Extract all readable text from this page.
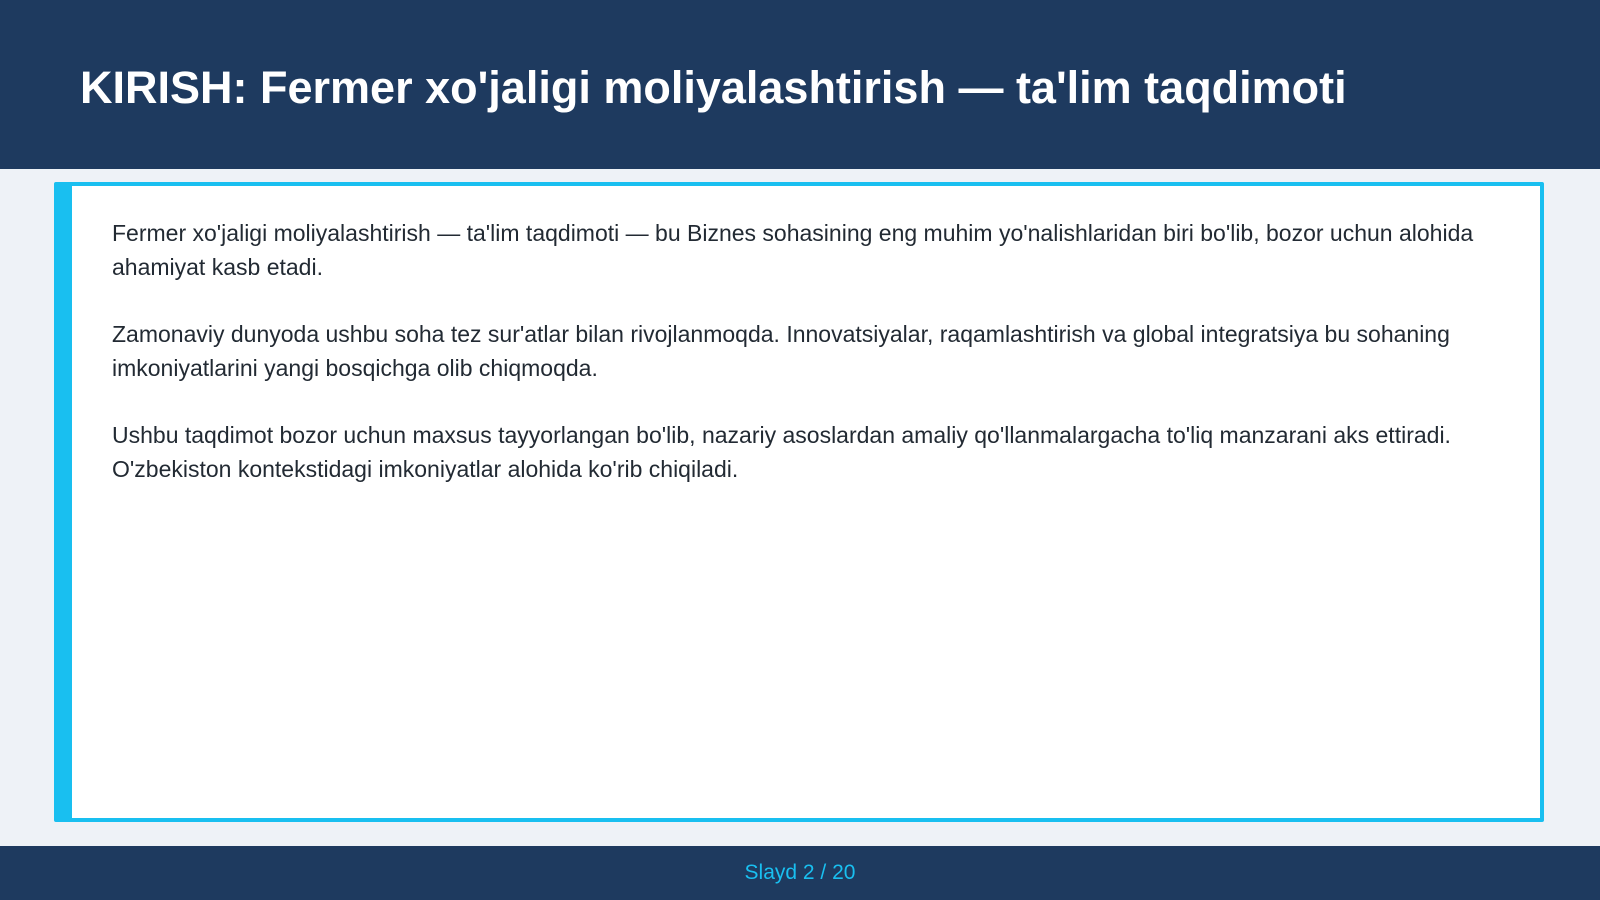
KIRISH: Fermer xo'jaligi moliyalashtirish — ta'lim taqdimoti

Fermer xo'jaligi moliyalashtirish — ta'lim taqdimoti — bu Biznes sohasining eng muhim yo'nalishlaridan biri bo'lib, bozor uchun alohida ahamiyat kasb etadi.

Zamonaviy dunyoda ushbu soha tez sur'atlar bilan rivojlanmoqda. Innovatsiyalar, raqamlashtirish va global integratsiya bu sohaning imkoniyatlarini yangi bosqichga olib chiqmoqda.

Ushbu taqdimot bozor uchun maxsus tayyorlangan bo'lib, nazariy asoslardan amaliy qo'llanmalargacha to'liq manzarani aks ettiradi. O'zbekiston kontekstidagi imkoniyatlar alohida ko'rib chiqiladi.

Slayd 2 / 20
